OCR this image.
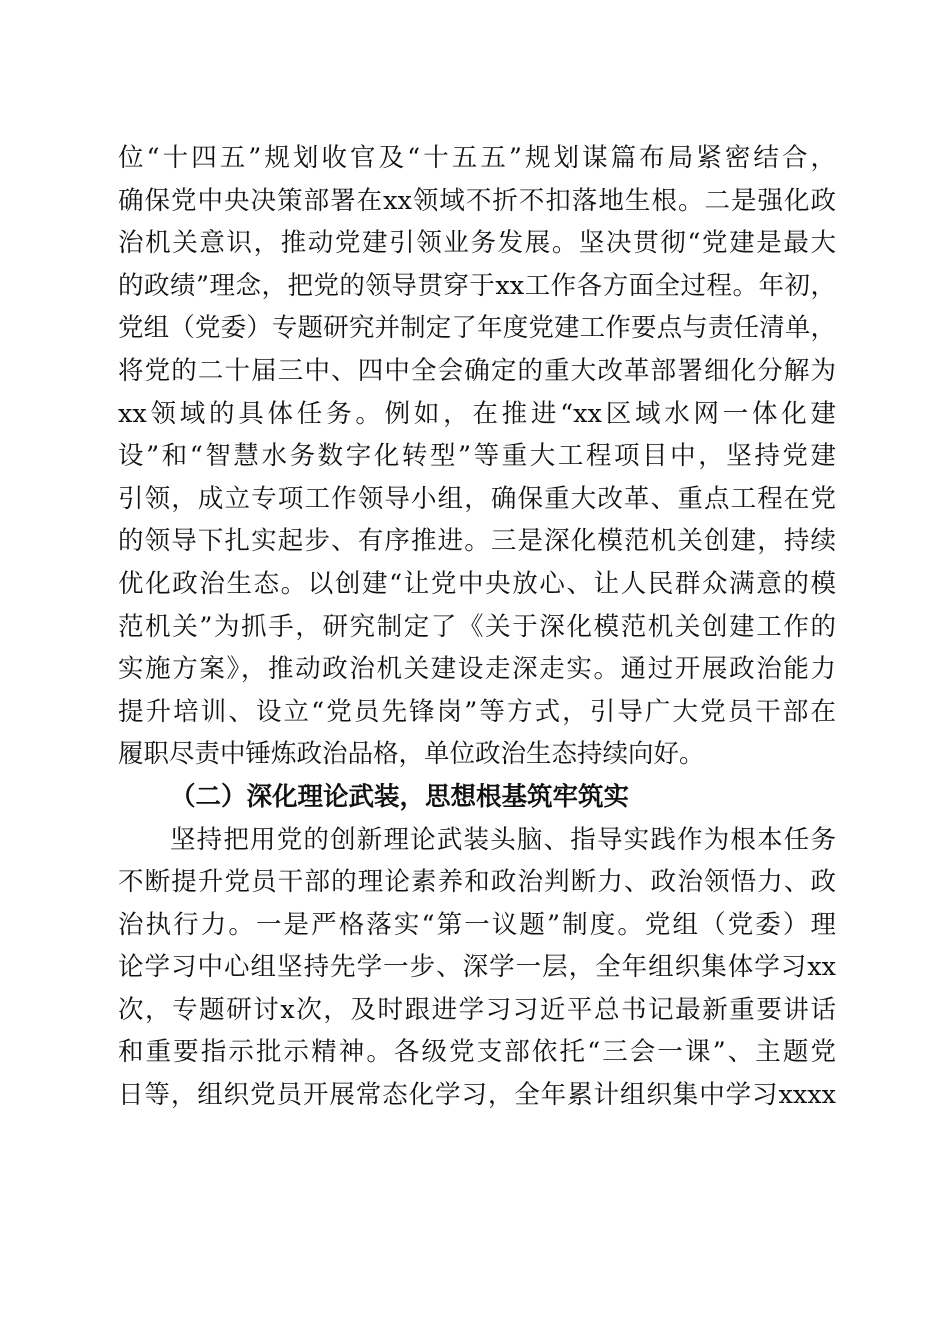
位“十四五”规划收官及“十五五”规划谋篇布局紧密结合，
确保党中央决策部署在xx领域不折不扣落地生根。二是强化政
治机关意识，推动党建引领业务发展。坚决贯彻“党建是最大
的政绩”理念，把党的领导贯穿于xx工作各方面全过程。年初，
党组（党委）专题研究并制定了年度党建工作要点与责任清单，
将党的二十届三中、四中全会确定的重大改革部署细化分解为
xx领域的具体任务。例如，在推进“xx区域水网一体化建
设”和“智慧水务数字化转型”等重大工程项目中，坚持党建
引领，成立专项工作领导小组，确保重大改革、重点工程在党
的领导下扎实起步、有序推进。三是深化模范机关创建，持续
优化政治生态。以创建“让党中央放心、让人民群众满意的模
范机关”为抓手，研究制定了《关于深化模范机关创建工作的
实施方案》，推动政治机关建设走深走实。通过开展政治能力
提升培训、设立“党员先锋岗”等方式，引导广大党员干部在
履职尽责中锤炼政治品格，单位政治生态持续向好。
（二）深化理论武装，思想根基筑牢筑实
坚持把用党的创新理论武装头脑、指导实践作为根本任务
不断提升党员干部的理论素养和政治判断力、政治领悟力、政
治执行力。一是严格落实“第一议题”制度。党组（党委）理
论学习中心组坚持先学一步、深学一层，全年组织集体学习xx
次，专题研讨x次，及时跟进学习习近平总书记最新重要讲话
和重要指示批示精神。各级党支部依托“三会一课”、主题党
日等，组织党员开展常态化学习，全年累计组织集中学习xxxx
